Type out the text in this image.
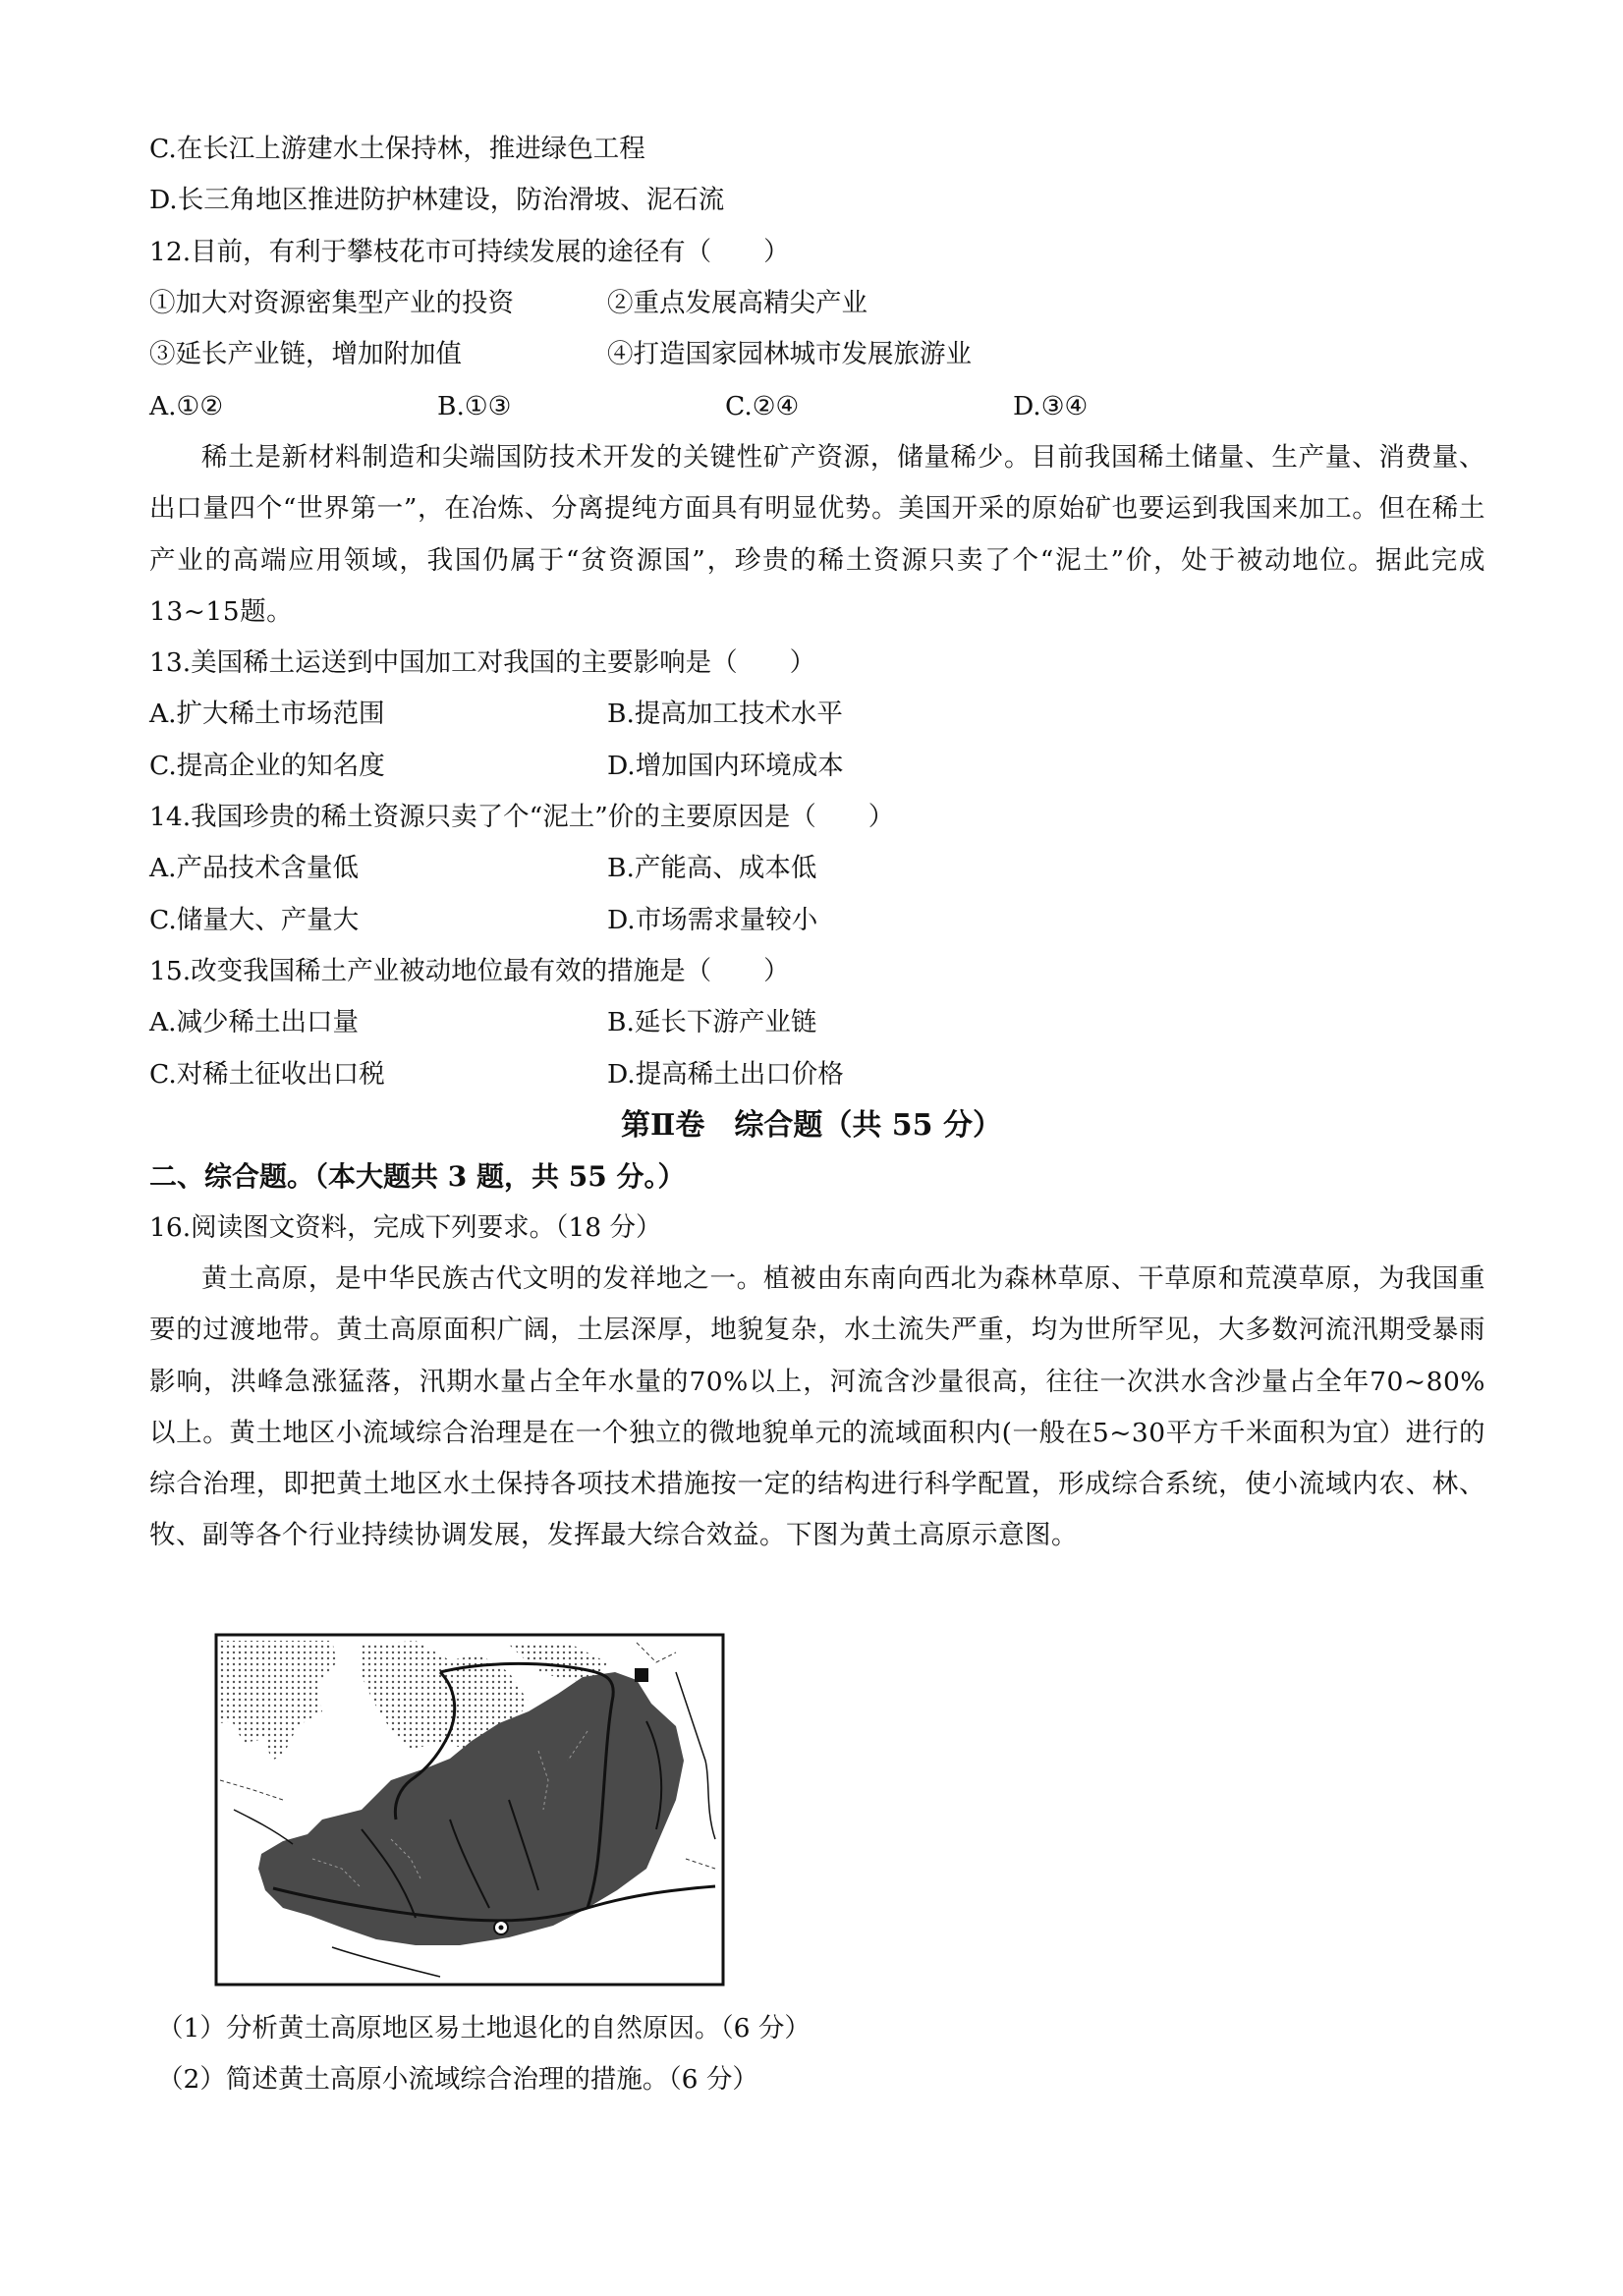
C.在长江上游建水土保持林，推进绿色工程
D.长三角地区推进防护林建设，防治滑坡、泥石流
12.目前，有利于攀枝花市可持续发展的途径有（　　）
①加大对资源密集型产业的投资	②重点发展高精尖产业
③延长产业链，增加附加值	④打造国家园林城市发展旅游业
A.①②	B.①③	C.②④	D.③④
稀土是新材料制造和尖端国防技术开发的关键性矿产资源，储量稀少。目前我国稀土储量、生产量、消费量、出口量四个“世界第一”，在冶炼、分离提纯方面具有明显优势。美国开采的原始矿也要运到我国来加工。但在稀土产业的高端应用领域，我国仍属于“贫资源国”，珍贵的稀土资源只卖了个“泥土”价，处于被动地位。据此完成13~15题。
13.美国稀土运送到中国加工对我国的主要影响是（　　）
A.扩大稀土市场范围	B.提高加工技术水平
C.提高企业的知名度	D.增加国内环境成本
14.我国珍贵的稀土资源只卖了个“泥土”价的主要原因是（　　）
A.产品技术含量低	B.产能高、成本低
C.储量大、产量大	D.市场需求量较小
15.改变我国稀土产业被动地位最有效的措施是（　　）
A.减少稀土出口量	B.延长下游产业链
C.对稀土征收出口税	D.提高稀土出口价格
第Ⅱ卷　综合题（共 55 分）
二、综合题。（本大题共 3 题，共 55 分。）
16.阅读图文资料，完成下列要求。（18 分）
黄土高原，是中华民族古代文明的发祥地之一。植被由东南向西北为森林草原、干草原和荒漠草原，为我国重要的过渡地带。黄土高原面积广阔，土层深厚，地貌复杂，水土流失严重，均为世所罕见，大多数河流汛期受暴雨影响，洪峰急涨猛落，汛期水量占全年水量的70%以上，河流含沙量很高，往往一次洪水含沙量占全年70~80%以上。黄土地区小流域综合治理是在一个独立的微地貌单元的流域面积内(一般在5~30平方千米面积为宜）进行的综合治理，即把黄土地区水土保持各项技术措施按一定的结构进行科学配置，形成综合系统，使小流域内农、林、牧、副等各个行业持续协调发展，发挥最大综合效益。下图为黄土高原示意图。
（1）分析黄土高原地区易土地退化的自然原因。（6 分）
（2）简述黄土高原小流域综合治理的措施。（6 分）
